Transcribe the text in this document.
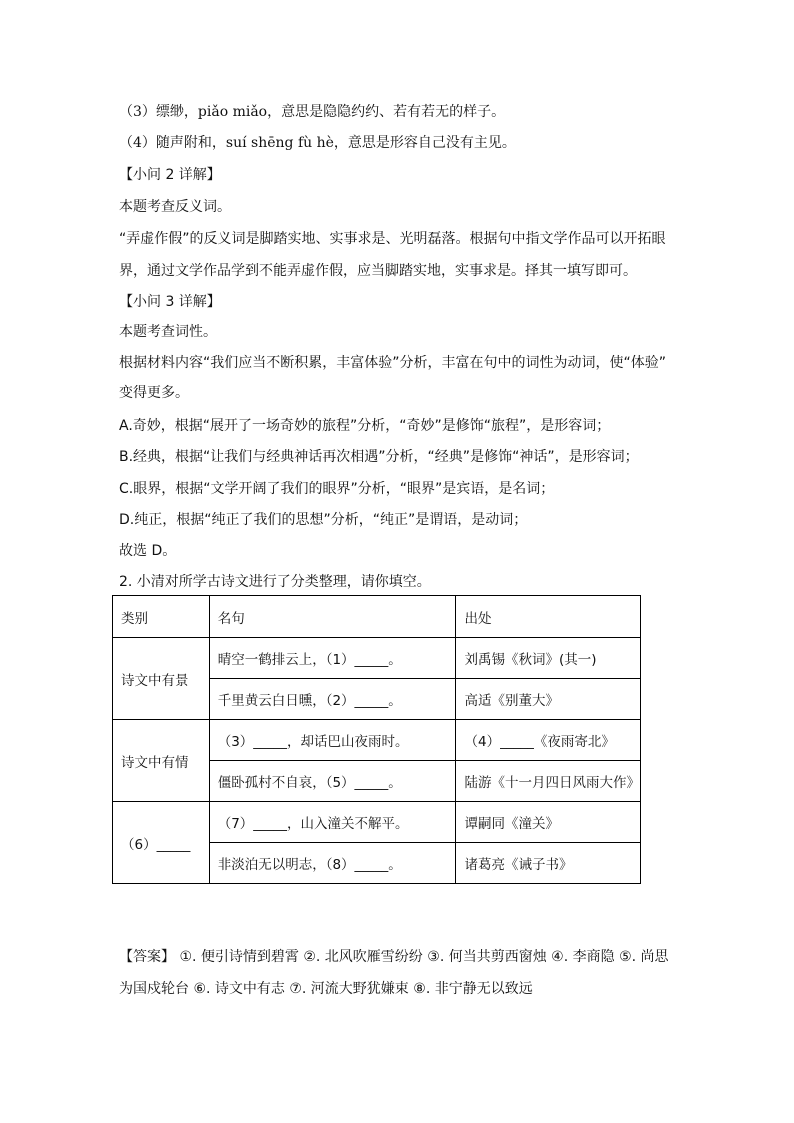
（3）缥缈，piǎo miǎo，意思是隐隐约约、若有若无的样子。
（4）随声附和，suí shēng fù hè，意思是形容自己没有主见。
【小问 2 详解】
本题考查反义词。
“弄虚作假”的反义词是脚踏实地、实事求是、光明磊落。根据句中指文学作品可以开拓眼
界，通过文学作品学到不能弄虚作假，应当脚踏实地，实事求是。择其一填写即可。
【小问 3 详解】
本题考查词性。
根据材料内容“我们应当不断积累，丰富体验”分析，丰富在句中的词性为动词，使“体验”
变得更多。
A.奇妙，根据“展开了一场奇妙的旅程”分析，“奇妙”是修饰“旅程”，是形容词；
B.经典，根据“让我们与经典神话再次相遇”分析，“经典”是修饰“神话”，是形容词；
C.眼界，根据“文学开阔了我们的眼界”分析，“眼界”是宾语，是名词；
D.纯正，根据“纯正了我们的思想”分析，“纯正”是谓语，是动词；
故选 D。
2. 小清对所学古诗文进行了分类整理，请你填空。
类别	名句	出处
诗文中有景	晴空一鹤排云上，（1）_____。	刘禹锡《秋词》(其一)
	千里黄云白日曛，（2）_____。	高适《别董大》
诗文中有情	（3）_____，却话巴山夜雨时。	（4）_____《夜雨寄北》
	僵卧孤村不自哀，（5）_____。	陆游《十一月四日风雨大作》
（6）_____	（7）_____，山入潼关不解平。	谭嗣同《潼关》
	非淡泊无以明志，（8）_____。	诸葛亮《诫子书》
【答案】 ①. 便引诗情到碧霄 ②. 北风吹雁雪纷纷 ③. 何当共剪西窗烛 ④. 李商隐 ⑤. 尚思为国戍轮台 ⑥. 诗文中有志 ⑦. 河流大野犹嫌束 ⑧. 非宁静无以致远
